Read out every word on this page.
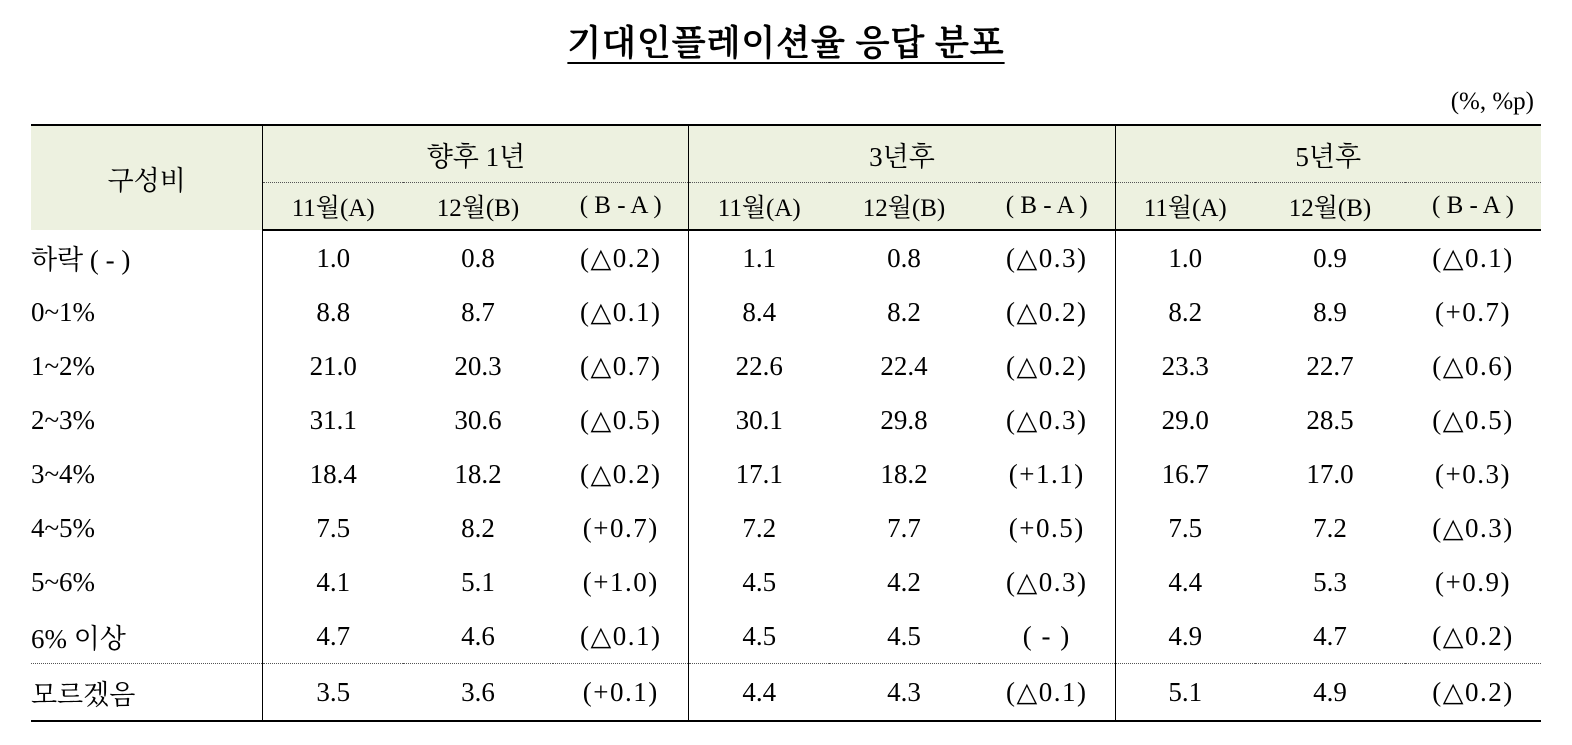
기대인플레이션율 응답 분포
(%, %p)
구성비	향후 1년			3년후			5년후		
	11월(A)	12월(B)	( B - A )	11월(A)	12월(B)	( B - A )	11월(A)	12월(B)	( B - A )
하락 ( - )	1.0	0.8	(△0.2)	1.1	0.8	(△0.3)	1.0	0.9	(△0.1)
0~1%	8.8	8.7	(△0.1)	8.4	8.2	(△0.2)	8.2	8.9	(+0.7)
1~2%	21.0	20.3	(△0.7)	22.6	22.4	(△0.2)	23.3	22.7	(△0.6)
2~3%	31.1	30.6	(△0.5)	30.1	29.8	(△0.3)	29.0	28.5	(△0.5)
3~4%	18.4	18.2	(△0.2)	17.1	18.2	(+1.1)	16.7	17.0	(+0.3)
4~5%	7.5	8.2	(+0.7)	7.2	7.7	(+0.5)	7.5	7.2	(△0.3)
5~6%	4.1	5.1	(+1.0)	4.5	4.2	(△0.3)	4.4	5.3	(+0.9)
6% 이상	4.7	4.6	(△0.1)	4.5	4.5	( - )	4.9	4.7	(△0.2)
모르겠음	3.5	3.6	(+0.1)	4.4	4.3	(△0.1)	5.1	4.9	(△0.2)
